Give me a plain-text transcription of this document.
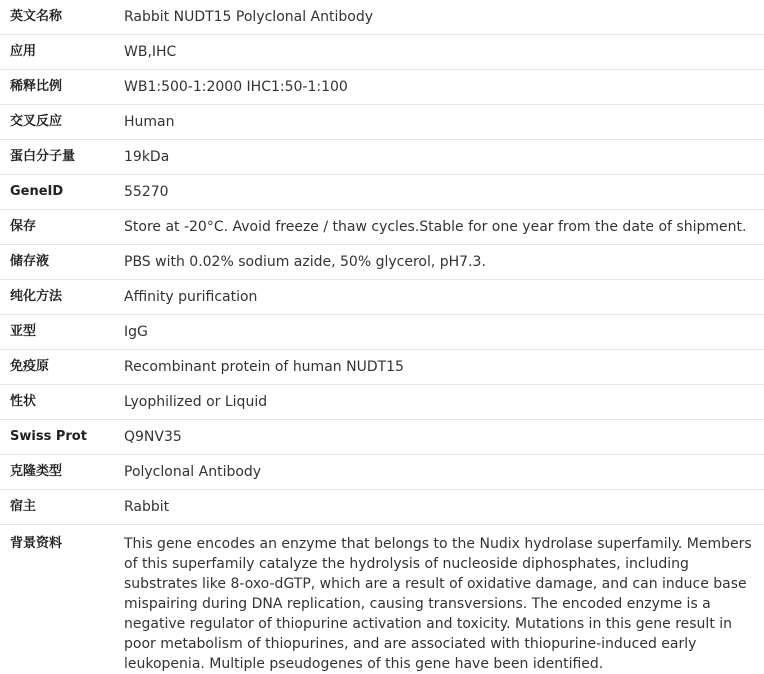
英文名称	Rabbit NUDT15 Polyclonal Antibody
应用	WB,IHC
稀释比例	WB1:500-1:2000 IHC1:50-1:100
交叉反应	Human
蛋白分子量	19kDa
GeneID	55270
保存	Store at -20°C. Avoid freeze / thaw cycles.Stable for one year from the date of shipment.
储存液	PBS with 0.02% sodium azide, 50% glycerol, pH7.3.
纯化方法	Affinity purification
亚型	IgG
免疫原	Recombinant protein of human NUDT15
性状	Lyophilized or Liquid
Swiss Prot	Q9NV35
克隆类型	Polyclonal Antibody
宿主	Rabbit
背景资料	This gene encodes an enzyme that belongs to the Nudix hydrolase superfamily. Members of this superfamily catalyze the hydrolysis of nucleoside diphosphates, including substrates like 8-oxo-dGTP, which are a result of oxidative damage, and can induce base mispairing during DNA replication, causing transversions. The encoded enzyme is a negative regulator of thiopurine activation and toxicity. Mutations in this gene result in poor metabolism of thiopurines, and are associated with thiopurine-induced early leukopenia. Multiple pseudogenes of this gene have been identified.
